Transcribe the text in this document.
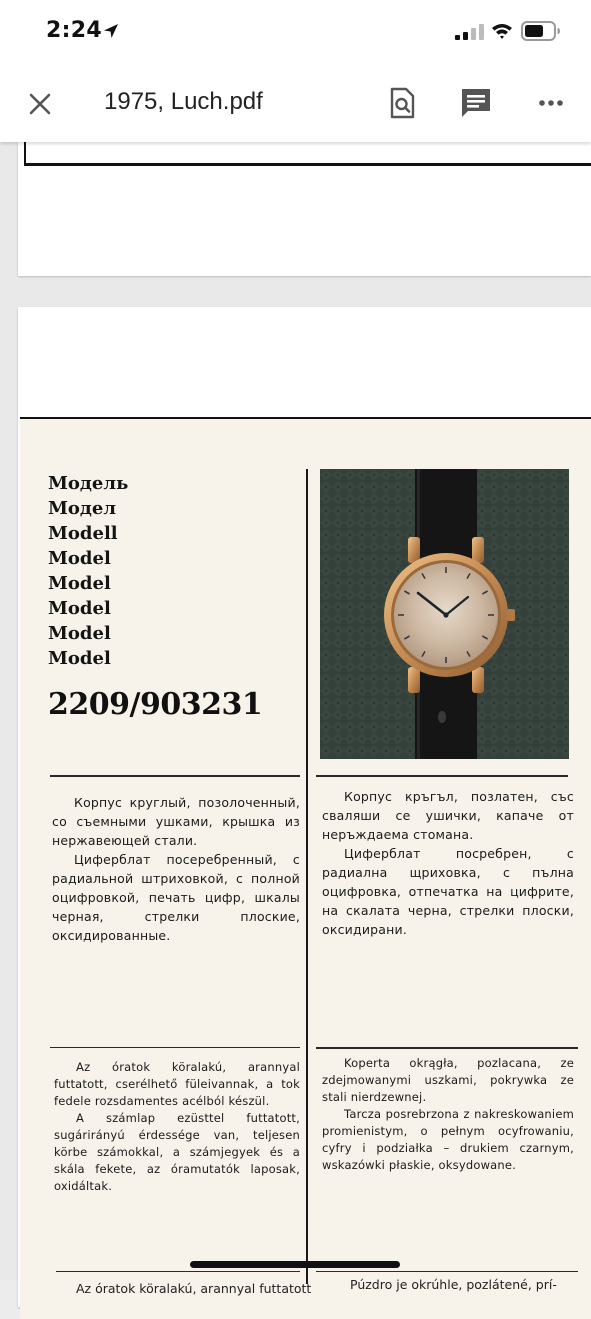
2:24
1975, Luch.pdf
Модель
Модел
Modell
Model
Model
Model
Model
Model
2209/903231

Корпус круглый, позолоченный, со съемными ушками, крышка из нержавеющей стали.

Циферблат посеребренный, с радиальной штриховкой, с полной оцифровкой, печать цифр, шкалы черная, стрелки плоские, оксидированные.

Корпус кръгъл, позлатен, със сваляши се ушички, капаче от неръждаема стомана.

Циферблат посребрен, с радиална щриховка, с пълна оцифровка, отпечатка на цифрите, на скалата черна, стрелки плоски, оксидирани.

Az óratok köralakú, arannyal futtatott, cserélhető füleivannak, a tok fedele rozsdamentes acélból készül.

A számlap ezüsttel futtatott, sugárirányú érdessége van, teljesen körbe számokkal, a számjegyek és a skála fekete, az óramutatók laposak, oxidáltak.

Koperta okrągła, pozlacana, ze zdejmowanymi uszkami, pokrywka ze stali nierdzewnej.

Tarcza posrebrzona z nakreskowaniem promienistym, o pełnym ocyfrowaniu, cyfry i podziałka – drukiem czarnym, wskazówki płaskie, oksydowane.

Az óratok köralakú, arannyal futtatott	Púzdro je okrúhle, pozlátené, prí-
